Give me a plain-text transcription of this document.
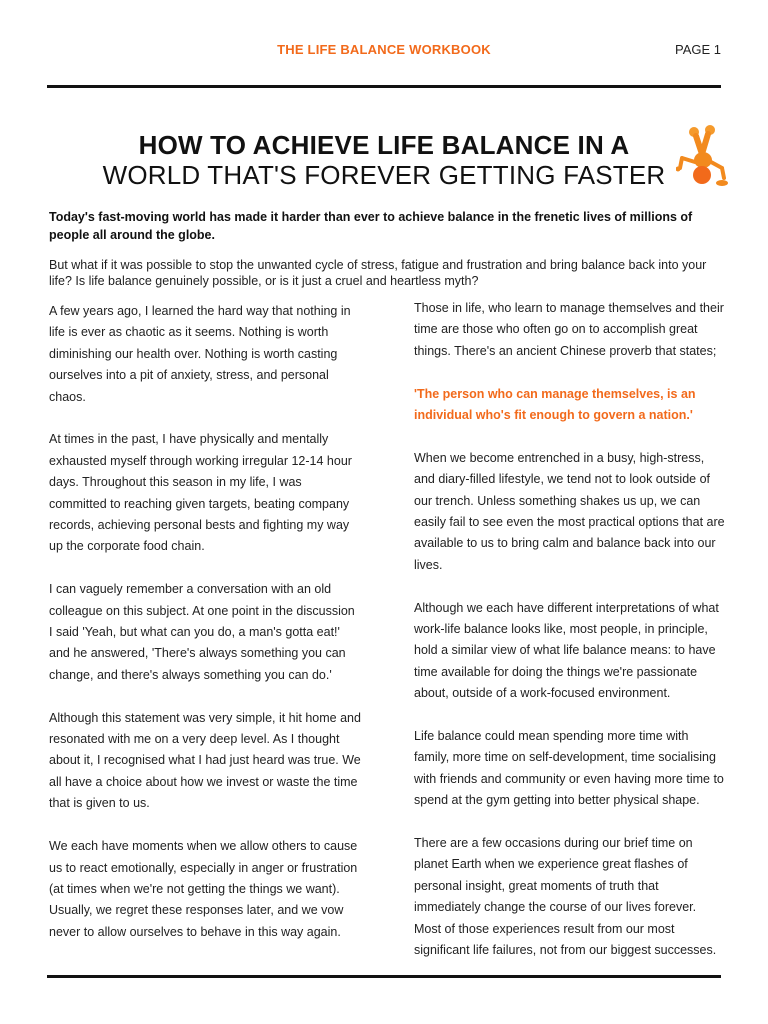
THE LIFE BALANCE WORKBOOK	PAGE 1
HOW TO ACHIEVE LIFE BALANCE IN A
WORLD THAT'S FOREVER GETTING FASTER
Today's fast-moving world has made it harder than ever to achieve balance in the frenetic lives of millions of people all around the globe.
But what if it was possible to stop the unwanted cycle of stress, fatigue and frustration and bring balance back into your life? Is life balance genuinely possible, or is it just a cruel and heartless myth?

A few years ago, I learned the hard way that nothing in life is ever as chaotic as it seems. Nothing is worth diminishing our health over. Nothing is worth casting ourselves into a pit of anxiety, stress, and personal chaos.

At times in the past, I have physically and mentally exhausted myself through working irregular 12-14 hour days. Throughout this season in my life, I was committed to reaching given targets, beating company records, achieving personal bests and fighting my way up the corporate food chain.

I can vaguely remember a conversation with an old colleague on this subject. At one point in the discussion I said 'Yeah, but what can you do, a man's gotta eat!' and he answered, 'There's always something you can change, and there's always something you can do.'

Although this statement was very simple, it hit home and resonated with me on a very deep level. As I thought about it, I recognised what I had just heard was true. We all have a choice about how we invest or waste the time that is given to us.

We each have moments when we allow others to cause us to react emotionally, especially in anger or frustration (at times when we're not getting the things we want). Usually, we regret these responses later, and we vow never to allow ourselves to behave in this way again.

Those in life, who learn to manage themselves and their time are those who often go on to accomplish great things. There's an ancient Chinese proverb that states;

'The person who can manage themselves, is an individual who's fit enough to govern a nation.'

When we become entrenched in a busy, high-stress, and diary-filled lifestyle, we tend not to look outside of our trench. Unless something shakes us up, we can easily fail to see even the most practical options that are available to us to bring calm and balance back into our lives.

Although we each have different interpretations of what work-life balance looks like, most people, in principle, hold a similar view of what life balance means: to have time available for doing the things we're passionate about, outside of a work-focused environment.

Life balance could mean spending more time with family, more time on self-development, time socialising with friends and community or even having more time to spend at the gym getting into better physical shape.

There are a few occasions during our brief time on planet Earth when we experience great flashes of personal insight, great moments of truth that immediately change the course of our lives forever. Most of those experiences result from our most significant life failures, not from our biggest successes.
